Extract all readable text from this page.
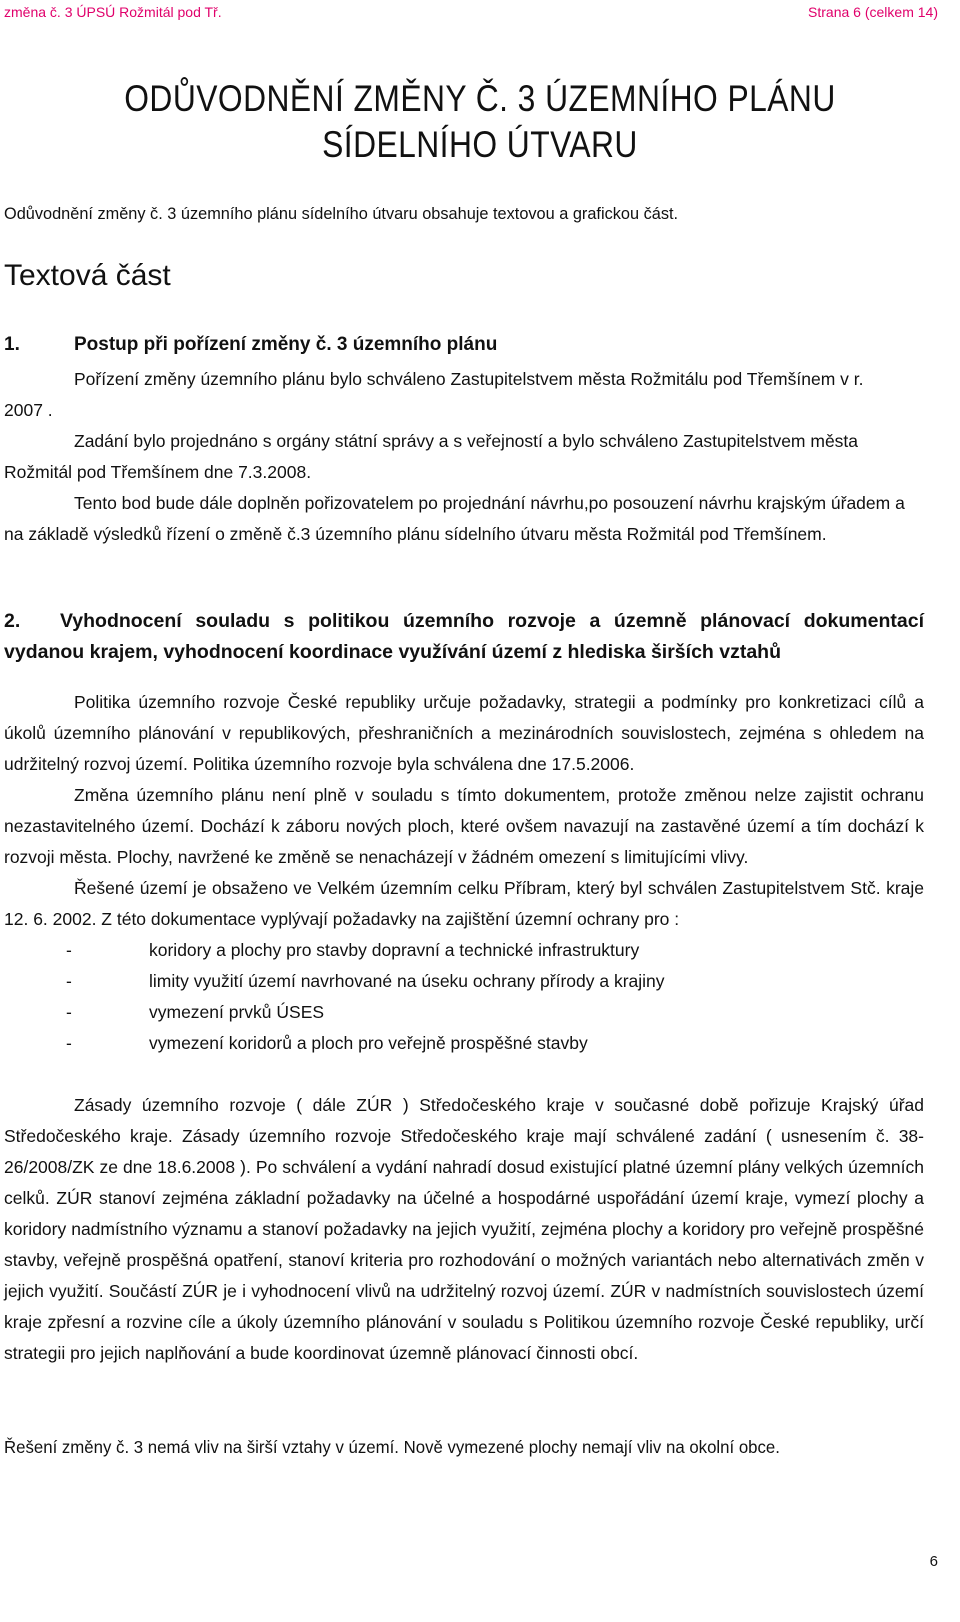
změna č. 3 ÚPSÚ Rožmitál pod Tř.	Strana 6 (celkem 14)
ODŮVODNĚNÍ ZMĚNY Č. 3 ÚZEMNÍHO PLÁNU
SÍDELNÍHO ÚTVARU
Odůvodnění změny č. 3 územního plánu sídelního útvaru obsahuje textovou a grafickou část.
Textová část
1.	Postup při pořízení změny č. 3 územního plánu
Pořízení změny územního plánu bylo schváleno Zastupitelstvem města Rožmitálu pod Třemšínem v r. 2007 .
Zadání bylo projednáno s orgány státní správy a s veřejností a bylo schváleno Zastupitelstvem města Rožmitál pod Třemšínem dne 7.3.2008.
Tento bod bude dále doplněn pořizovatelem po projednání návrhu,po posouzení návrhu krajským úřadem a na základě výsledků řízení o změně č.3 územního plánu sídelního útvaru města Rožmitál pod Třemšínem.
2. Vyhodnocení souladu s politikou územního rozvoje a územně plánovací dokumentací vydanou krajem, vyhodnocení koordinace využívání území z hlediska širších vztahů
Politika územního rozvoje České republiky určuje požadavky, strategii a podmínky pro konkretizaci cílů a úkolů územního plánování v republikových, přeshraničních a mezinárodních souvislostech, zejména s ohledem na udržitelný rozvoj území. Politika územního rozvoje byla schválena dne 17.5.2006.
Změna územního plánu není plně v souladu s tímto dokumentem, protože změnou nelze zajistit ochranu nezastavitelného území. Dochází k záboru nových ploch, které ovšem navazují na zastavěné území a tím dochází k rozvoji města. Plochy, navržené ke změně se nenacházejí v žádném omezení s limitujícími vlivy.
Řešené území je obsaženo ve Velkém územním celku Příbram, který byl schválen Zastupitelstvem Stč. kraje 12. 6. 2002. Z této dokumentace vyplývají požadavky na zajištění územní ochrany pro :
-	koridory a plochy pro stavby dopravní a technické infrastruktury
-	limity využití území navrhované na úseku ochrany přírody a krajiny
-	vymezení prvků ÚSES
-	vymezení koridorů a ploch pro veřejně prospěšné stavby
Zásady územního rozvoje ( dále ZÚR ) Středočeského kraje v současné době pořizuje Krajský úřad Středočeského kraje. Zásady územního rozvoje Středočeského kraje mají schválené zadání ( usnesením č. 38-26/2008/ZK ze dne 18.6.2008 ). Po schválení a vydání nahradí dosud existující platné územní plány velkých územních celků. ZÚR stanoví zejména základní požadavky na účelné a hospodárné uspořádání území kraje, vymezí plochy a koridory nadmístního významu a stanoví požadavky na jejich využití, zejména plochy a koridory pro veřejně prospěšné stavby, veřejně prospěšná opatření, stanoví kriteria pro rozhodování o možných variantách nebo alternativách změn v jejich využití. Součástí ZÚR je i vyhodnocení vlivů na udržitelný rozvoj území. ZÚR v nadmístních souvislostech území kraje zpřesní a rozvine cíle a úkoly územního plánování v souladu s Politikou územního rozvoje České republiky, určí strategii pro jejich naplňování a bude koordinovat územně plánovací činnosti obcí.
Řešení změny č. 3 nemá vliv na širší vztahy v území. Nově vymezené plochy nemají vliv na okolní obce.
6
